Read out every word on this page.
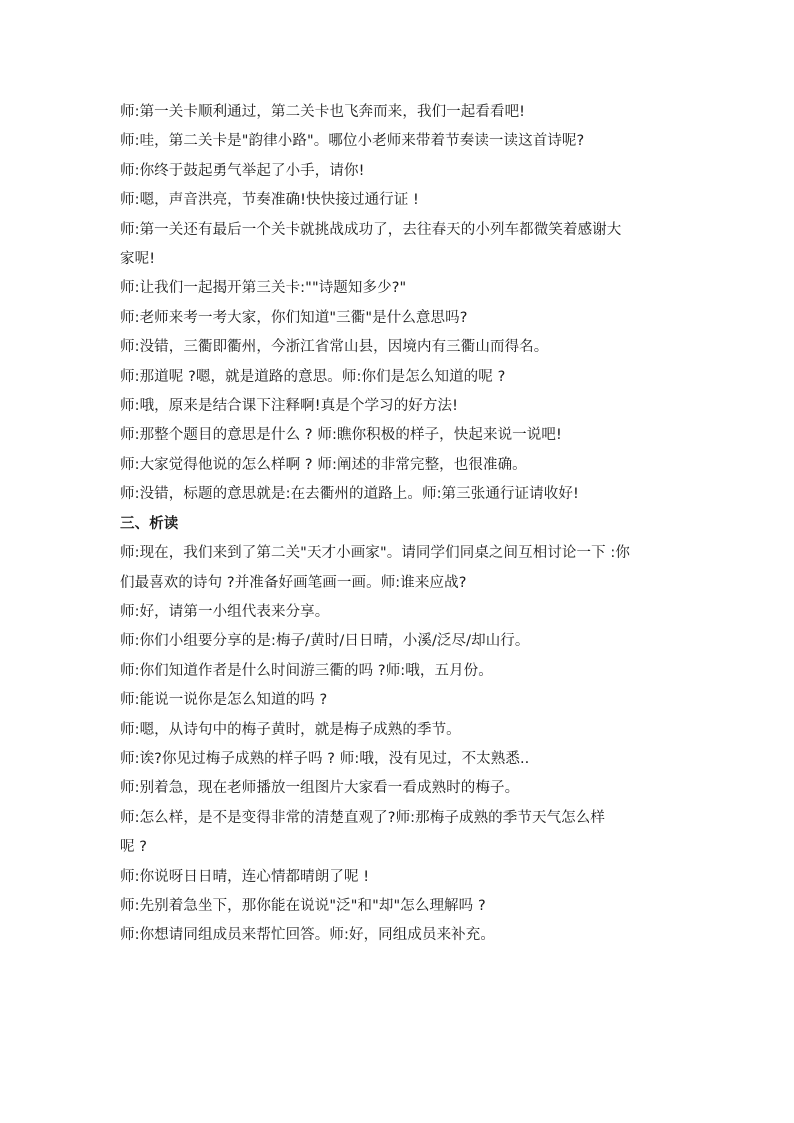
师:第一关卡顺利通过，第二关卡也飞奔而来，我们一起看看吧!
师:哇，第二关卡是"韵律小路"。哪位小老师来带着节奏读一读这首诗呢?
师:你终于鼓起勇气举起了小手，请你!
师:嗯，声音洪亮，节奏准确!快快接过通行证 !
师:第一关还有最后一个关卡就挑战成功了，去往春天的小列车都微笑着感谢大
家呢!
师:让我们一起揭开第三关卡:""诗题知多少?"
师:老师来考一考大家，你们知道"三衢"是什么意思吗?
师:没错，三衢即衢州，今浙江省常山县，因境内有三衢山而得名。
师:那道呢 ?嗯，就是道路的意思。师:你们是怎么知道的呢 ?
师:哦，原来是结合课下注释啊!真是个学习的好方法!
师:那整个题目的意思是什么 ? 师:瞧你积极的样子，快起来说一说吧!
师:大家觉得他说的怎么样啊 ? 师:阐述的非常完整，也很准确。
师:没错，标题的意思就是:在去衢州的道路上。师:第三张通行证请收好!
三、析读
师:现在，我们来到了第二关"天才小画家"。请同学们同桌之间互相讨论一下 :你
们最喜欢的诗句 ?并准备好画笔画一画。师:谁来应战?
师:好，请第一小组代表来分享。
师:你们小组要分享的是:梅子/黄时/日日晴，小溪/泛尽/却山行。
师:你们知道作者是什么时间游三衢的吗 ?师:哦，五月份。
师:能说一说你是怎么知道的吗 ?
师:嗯，从诗句中的梅子黄时，就是梅子成熟的季节。
师:诶?你见过梅子成熟的样子吗 ? 师:哦，没有见过，不太熟悉..
师:别着急，现在老师播放一组图片大家看一看成熟时的梅子。
师:怎么样，是不是变得非常的清楚直观了?师:那梅子成熟的季节天气怎么样
呢 ?
师:你说呀日日晴，连心情都晴朗了呢 !
师:先别着急坐下，那你能在说说"泛"和"却"怎么理解吗 ?
师:你想请同组成员来帮忙回答。师:好，同组成员来补充。
